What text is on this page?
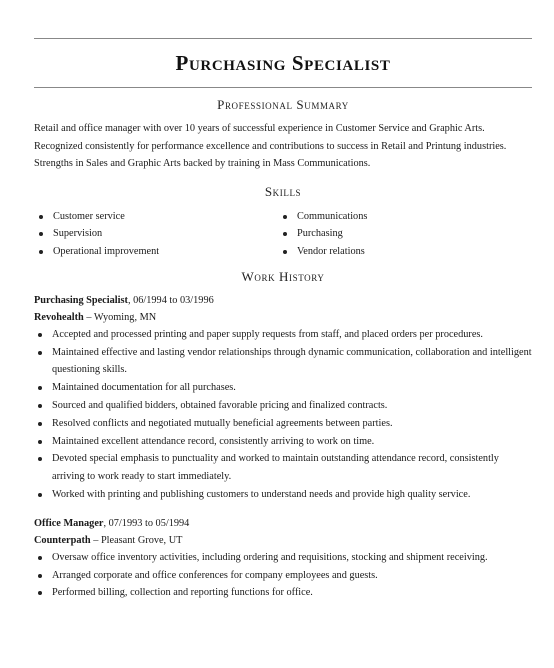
Purchasing Specialist
Professional Summary
Retail and office manager with over 10 years of successful experience in Customer Service and Graphic Arts. Recognized consistently for performance excellence and contributions to success in Retail and Printung industries. Strengths in Sales and Graphic Arts backed by training in Mass Communications.
Skills
Customer service
Supervision
Operational improvement
Communications
Purchasing
Vendor relations
Work History
Purchasing Specialist, 06/1994 to 03/1996
Revohealth – Wyoming, MN
Accepted and processed printing and paper supply requests from staff, and placed orders per procedures.
Maintained effective and lasting vendor relationships through dynamic communication, collaboration and intelligent questioning skills.
Maintained documentation for all purchases.
Sourced and qualified bidders, obtained favorable pricing and finalized contracts.
Resolved conflicts and negotiated mutually beneficial agreements between parties.
Maintained excellent attendance record, consistently arriving to work on time.
Devoted special emphasis to punctuality and worked to maintain outstanding attendance record, consistently arriving to work ready to start immediately.
Worked with printing and publishing customers to understand needs and provide high quality service.
Office Manager, 07/1993 to 05/1994
Counterpath – Pleasant Grove, UT
Oversaw office inventory activities, including ordering and requisitions, stocking and shipment receiving.
Arranged corporate and office conferences for company employees and guests.
Performed billing, collection and reporting functions for office.
